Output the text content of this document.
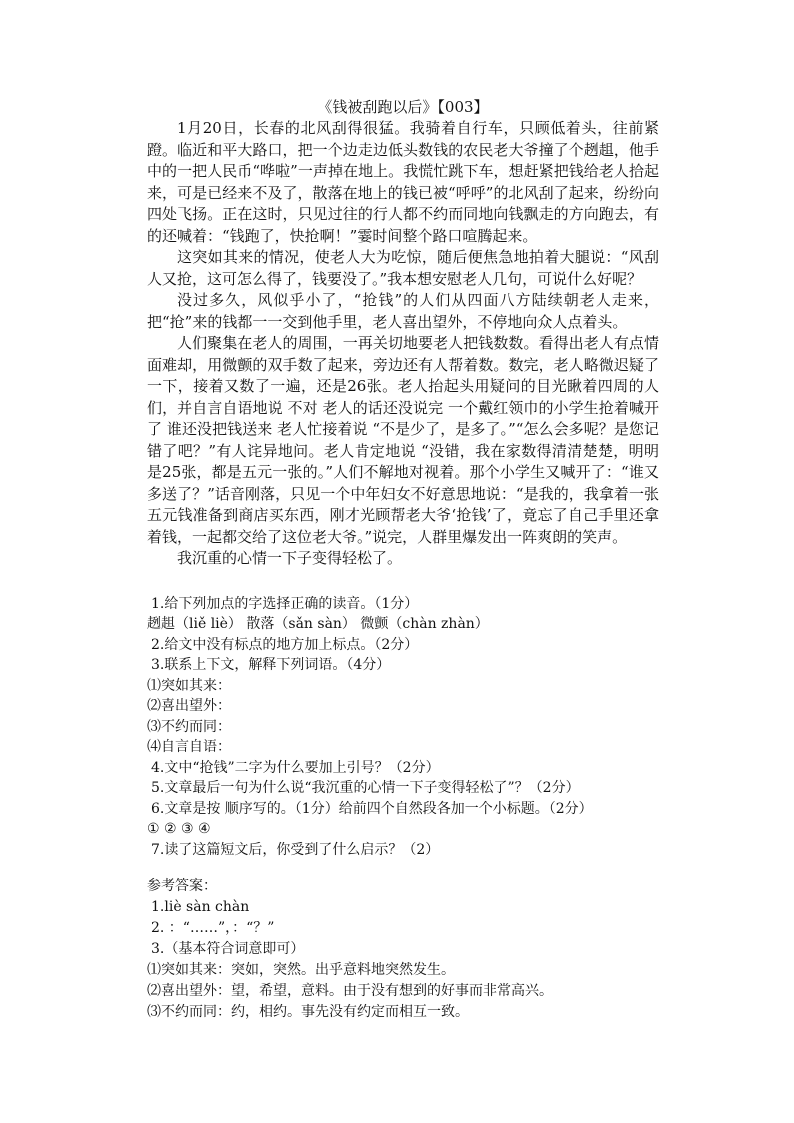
《钱被刮跑以后》【003】

1月20日，长春的北风刮得很猛。我骑着自行车，只顾低着头，往前紧蹬。临近和平大路口，把一个边走边低头数钱的农民老大爷撞了个趔趄，他手中的一把人民币“哗啦”一声掉在地上。我慌忙跳下车，想赶紧把钱给老人拾起来，可是已经来不及了，散落在地上的钱已被“呼呼”的北风刮了起来，纷纷向四处飞扬。正在这时，只见过往的行人都不约而同地向钱飘走的方向跑去，有的还喊着：“钱跑了，快抢啊！”霎时间整个路口喧腾起来。

这突如其来的情况，使老人大为吃惊，随后便焦急地拍着大腿说：“风刮人又抢，这可怎么得了，钱要没了。”我本想安慰老人几句，可说什么好呢？

没过多久，风似乎小了，“抢钱”的人们从四面八方陆续朝老人走来，把“抢”来的钱都一一交到他手里，老人喜出望外，不停地向众人点着头。

人们聚集在老人的周围，一再关切地要老人把钱数数。看得出老人有点情面难却，用微颤的双手数了起来，旁边还有人帮着数。数完，老人略微迟疑了一下，接着又数了一遍，还是26张。老人抬起头用疑问的目光瞅着四周的人们，并自言自语地说 不对 老人的话还没说完 一个戴红领巾的小学生抢着喊开了 谁还没把钱送来 老人忙接着说 “不是少了，是多了。”“怎么会多呢？是您记错了吧？”有人诧异地问。老人肯定地说 “没错，我在家数得清清楚楚，明明是25张，都是五元一张的。”人们不解地对视着。那个小学生又喊开了：“谁又多送了？”话音刚落，只见一个中年妇女不好意思地说：“是我的，我拿着一张五元钱准备到商店买东西，刚才光顾帮老大爷‘抢钱’了，竟忘了自己手里还拿着钱，一起都交给了这位老大爷。”说完，人群里爆发出一阵爽朗的笑声。

我沉重的心情一下子变得轻松了。

1.给下列加点的字选择正确的读音。（1分）

趔趄（liě liè） 散落（sǎn sàn） 微颤（chàn zhàn）

2.给文中没有标点的地方加上标点。（2分）

3.联系上下文，解释下列词语。（4分）

⑴突如其来：

⑵喜出望外：

⑶不约而同：

⑷自言自语：

4.文中“抢钱”二字为什么要加上引号？（2分）

5.文章最后一句为什么说“我沉重的心情一下子变得轻松了”？（2分）

6.文章是按 顺序写的。（1分）给前四个自然段各加一个小标题。（2分）

① ② ③ ④

7.读了这篇短文后，你受到了什么启示？（2）

参考答案：

1.liè sàn chàn

2. ：“……”，：“？”

3.（基本符合词意即可）

⑴突如其来：突如，突然。出乎意料地突然发生。

⑵喜出望外：望，希望，意料。由于没有想到的好事而非常高兴。

⑶不约而同：约，相约。事先没有约定而相互一致。
